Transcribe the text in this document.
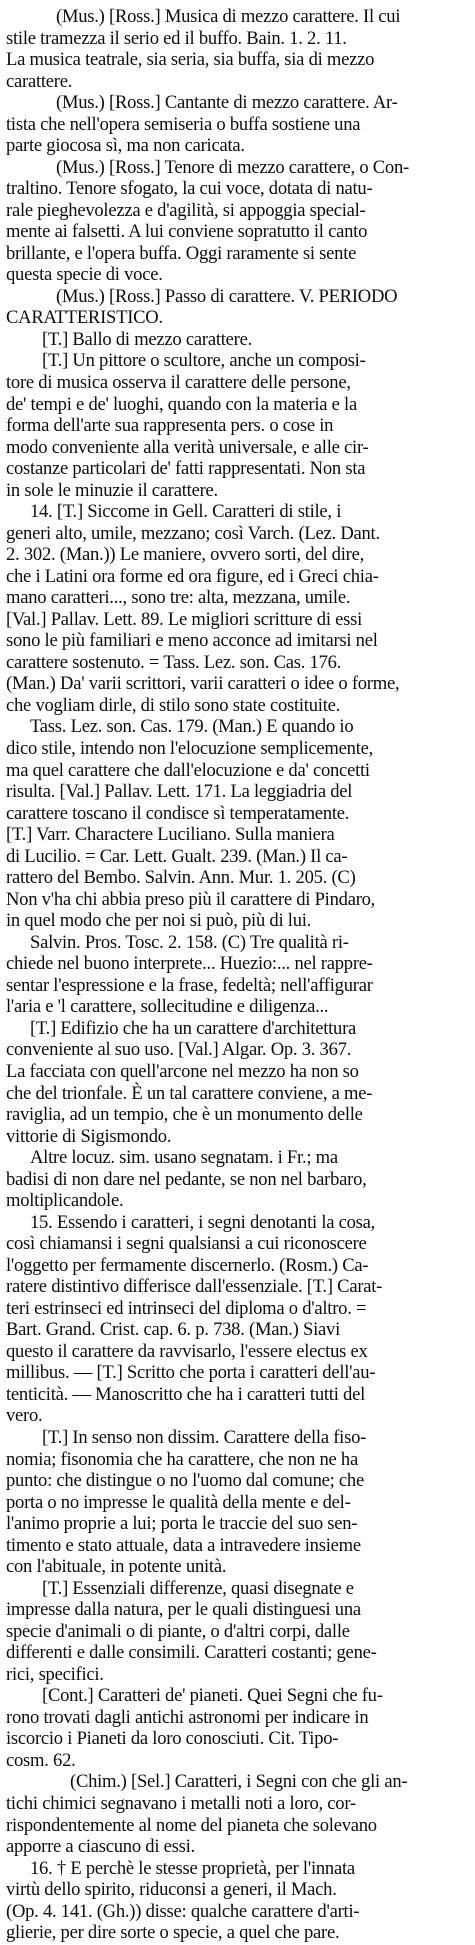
(Mus.) [Ross.] Musica di mezzo carattere. Il cui
stile tramezza il serio ed il buffo. Bain. 1. 2. 11.
La musica teatrale, sia seria, sia buffa, sia di mezzo
carattere.
(Mus.) [Ross.] Cantante di mezzo carattere. Ar-
tista che nell'opera semiseria o buffa sostiene una
parte giocosa sì, ma non caricata.
(Mus.) [Ross.] Tenore di mezzo carattere, o Con-
traltino. Tenore sfogato, la cui voce, dotata di natu-
rale pieghevolezza e d'agilità, si appoggia special-
mente ai falsetti. A lui conviene sopratutto il canto
brillante, e l'opera buffa. Oggi raramente si sente
questa specie di voce.
(Mus.) [Ross.] Passo di carattere. V. PERIODO
CARATTERISTICO.
[T.] Ballo di mezzo carattere.
[T.] Un pittore o scultore, anche un composi-
tore di musica osserva il carattere delle persone,
de' tempi e de' luoghi, quando con la materia e la
forma dell'arte sua rappresenta pers. o cose in
modo conveniente alla verità universale, e alle cir-
costanze particolari de' fatti rappresentati. Non sta
in sole le minuzie il carattere.
14. [T.] Siccome in Gell. Caratteri di stile, i
generi alto, umile, mezzano; così Varch. (Lez. Dant.
2. 302. (Man.)) Le maniere, ovvero sorti, del dire,
che i Latini ora forme ed ora figure, ed i Greci chia-
mano caratteri..., sono tre: alta, mezzana, umile.
[Val.] Pallav. Lett. 89. Le migliori scritture di essi
sono le più familiari e meno acconce ad imitarsi nel
carattere sostenuto. = Tass. Lez. son. Cas. 176.
(Man.) Da' varii scrittori, varii caratteri o idee o forme,
che vogliam dirle, di stilo sono state costituite.
Tass. Lez. son. Cas. 179. (Man.) E quando io
dico stile, intendo non l'elocuzione semplicemente,
ma quel carattere che dall'elocuzione e da' concetti
risulta. [Val.] Pallav. Lett. 171. La leggiadria del
carattere toscano il condisce sì temperatamente.
[T.] Varr. Charactere Luciliano. Sulla maniera
di Lucilio. = Car. Lett. Gualt. 239. (Man.) Il ca-
rattero del Bembo. Salvin. Ann. Mur. 1. 205. (C)
Non v'ha chi abbia preso più il carattere di Pindaro,
in quel modo che per noi si può, più di lui.
Salvin. Pros. Tosc. 2. 158. (C) Tre qualità ri-
chiede nel buono interprete... Huezio:... nel rappre-
sentar l'espressione e la frase, fedeltà; nell'affigurar
l'aria e 'l carattere, sollecitudine e diligenza...
[T.] Edifizio che ha un carattere d'architettura
conveniente al suo uso. [Val.] Algar. Op. 3. 367.
La facciata con quell'arcone nel mezzo ha non so
che del trionfale. È un tal carattere conviene, a me-
raviglia, ad un tempio, che è un monumento delle
vittorie di Sigismondo.
Altre locuz. sim. usano segnatam. i Fr.; ma
badisi di non dare nel pedante, se non nel barbaro,
moltiplicandole.
15. Essendo i caratteri, i segni denotanti la cosa,
così chiamansi i segni qualsiansi a cui riconoscere
l'oggetto per fermamente discernerlo. (Rosm.) Ca-
ratere distintivo differisce dall'essenziale. [T.] Carat-
teri estrinseci ed intrinseci del diploma o d'altro. =
Bart. Grand. Crist. cap. 6. p. 738. (Man.) Siavi
questo il carattere da ravvisarlo, l'essere electus ex
millibus. — [T.] Scritto che porta i caratteri dell'au-
tenticità. — Manoscritto che ha i caratteri tutti del
vero.
[T.] In senso non dissim. Carattere della fiso-
nomia; fisonomia che ha carattere, che non ne ha
punto: che distingue o no l'uomo dal comune; che
porta o no impresse le qualità della mente e del-
l'animo proprie a lui; porta le traccie del suo sen-
timento e stato attuale, data a intravedere insieme
con l'abituale, in potente unità.
[T.] Essenziali differenze, quasi disegnate e
impresse dalla natura, per le quali distinguesi una
specie d'animali o di piante, o d'altri corpi, dalle
differenti e dalle consimili. Caratteri costanti; gene-
rici, specifici.
[Cont.] Caratteri de' pianeti. Quei Segni che fu-
rono trovati dagli antichi astronomi per indicare in
iscorcio i Pianeti da loro conosciuti. Cit. Tipo-
cosm. 62.
(Chim.) [Sel.] Caratteri, i Segni con che gli an-
tichi chimici segnavano i metalli noti a loro, cor-
rispondentemente al nome del pianeta che solevano
apporre a ciascuno di essi.
16. † E perchè le stesse proprietà, per l'innata
virtù dello spirito, riduconsi a generi, il Mach.
(Op. 4. 141. (Gh.)) disse: qualche carattere d'arti-
glierie, per dire sorte o specie, a quel che pare.
